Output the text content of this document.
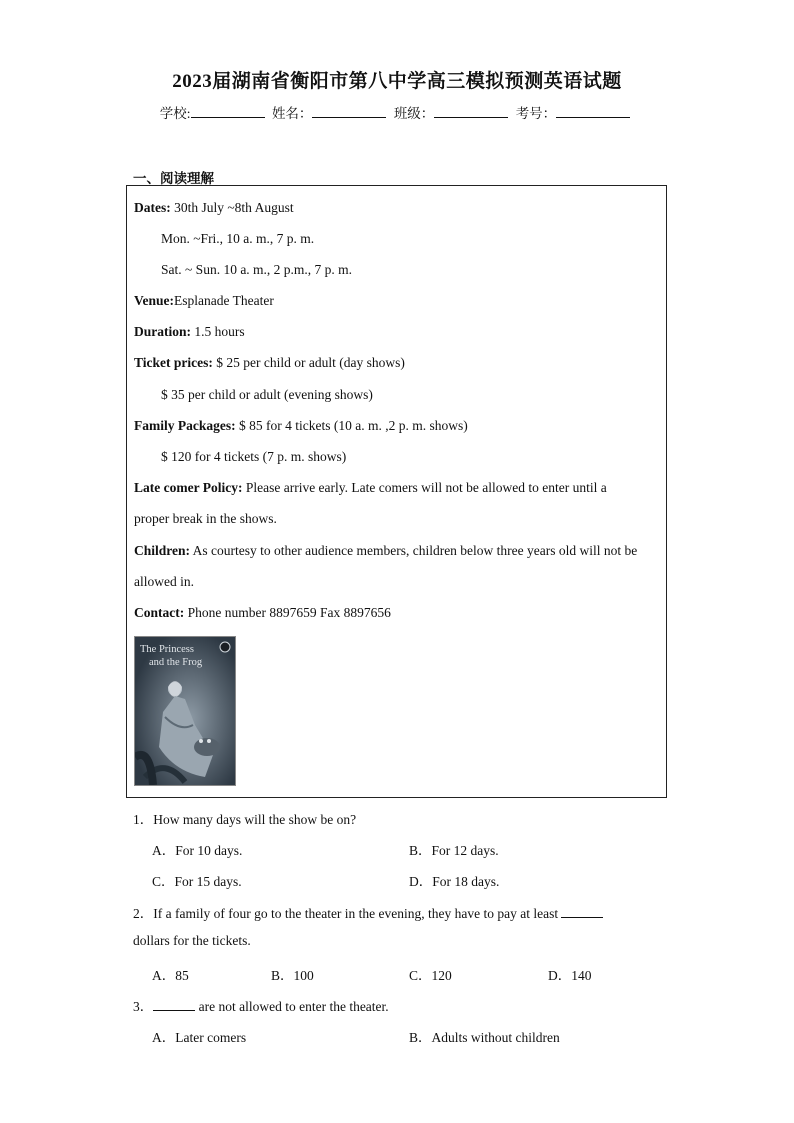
2023届湖南省衡阳市第八中学高三模拟预测英语试题
学校:	姓名：	班级：	考号：
一、阅读理解
Dates: 30th July ~8th August
Mon. ~Fri., 10 a. m., 7 p. m.
Sat. ~ Sun. 10 a. m., 2 p.m., 7 p. m.
Venue:Esplanade Theater
Duration: 1.5 hours
Ticket prices: $ 25 per child or adult (day shows)
$ 35 per child or adult (evening shows)
Family Packages: $ 85 for 4 tickets (10 a. m. ,2 p. m. shows)
$ 120 for 4 tickets (7 p. m. shows)
Late comer Policy: Please arrive early. Late comers will not be allowed to enter until a
proper break in the shows.
Children: As courtesy to other audience members, children below three years old will not be
allowed in.
Contact: Phone number 8897659 Fax 8897656
The Princess
and the Frog
1．How many days will the show be on?
A．For 10 days.	B．For 12 days.
C．For 15 days.	D．For 18 days.
2．If a family of four go to the theater in the evening, they have to pay at least
dollars for the tickets.
A．85	B．100	C．120	D．140
3．	are not allowed to enter the theater.
A．Later comers	B．Adults without children
